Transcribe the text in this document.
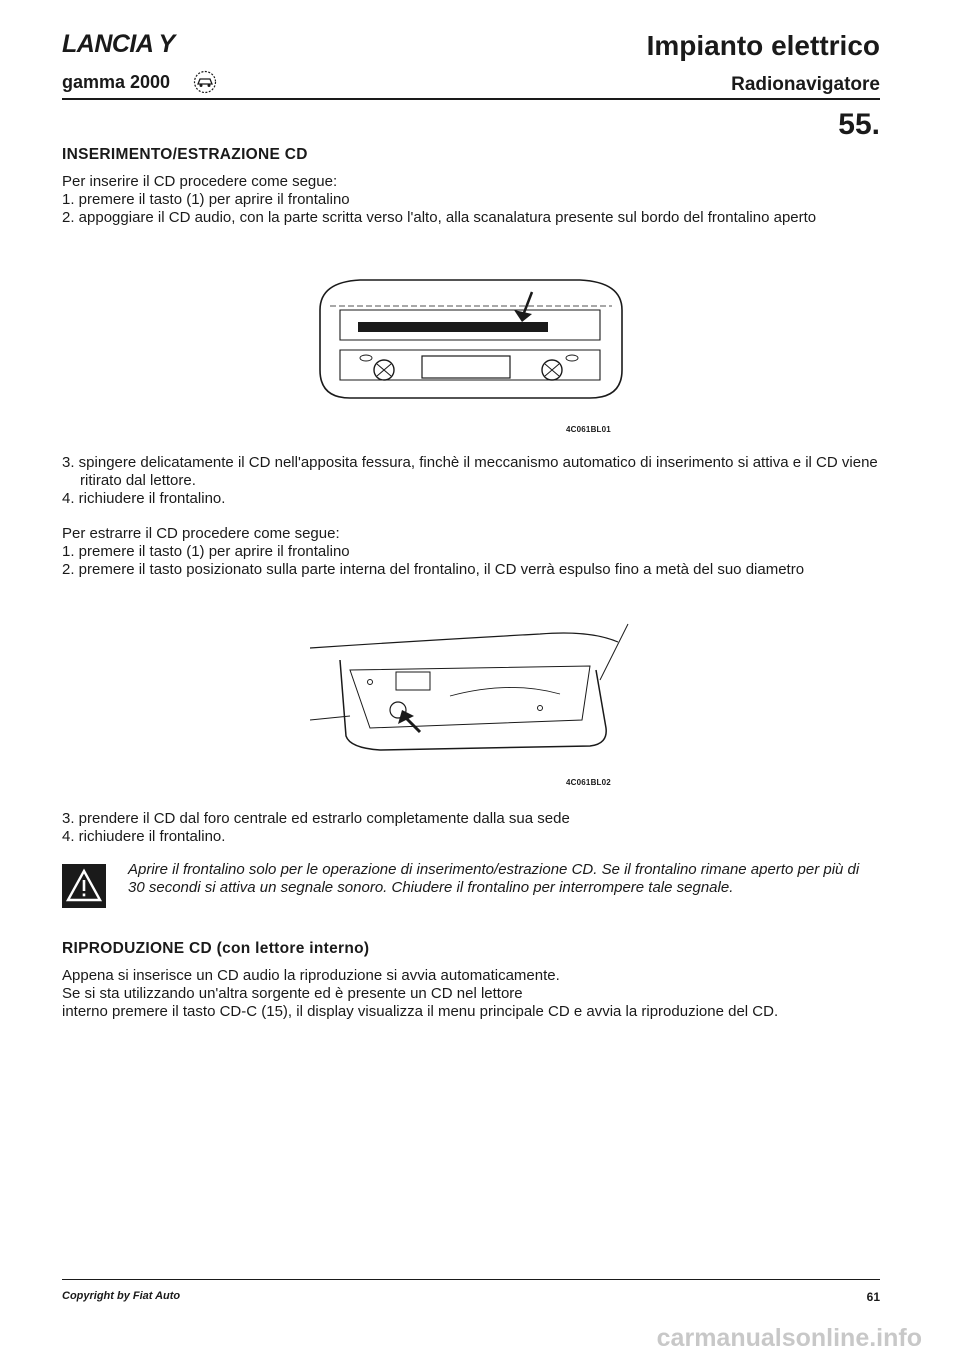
LANCIA Y
gamma 2000
Impianto elettrico
Radionavigatore
55.
INSERIMENTO/ESTRAZIONE CD
Per inserire il CD procedere come segue:
1. premere il tasto (1) per aprire il frontalino
2. appoggiare il CD audio, con la parte scritta verso l'alto, alla scanalatura presente sul bordo del frontalino aperto
4C061BL01
3. spingere delicatamente il CD nell'apposita fessura, finchè il meccanismo automatico di inserimento si attiva e il CD viene ritirato dal lettore.
4. richiudere il frontalino.
Per estrarre il CD procedere come segue:
1. premere il tasto (1) per aprire il frontalino
2. premere il tasto posizionato sulla parte interna del frontalino, il CD verrà espulso fino a metà del suo diametro
4C061BL02
3. prendere il CD dal foro centrale ed estrarlo completamente dalla sua sede
4. richiudere il frontalino.
Aprire il frontalino solo per le operazione di inserimento/estrazione CD. Se il frontalino rimane aperto per più di 30 secondi si attiva un segnale sonoro. Chiudere il frontalino per interrompere tale segnale.
RIPRODUZIONE CD (con lettore interno)
Appena si inserisce un CD audio la riproduzione si avvia automaticamente.
Se si sta utilizzando un'altra sorgente ed è presente un CD nel lettore
interno premere il tasto CD-C (15), il display visualizza il menu principale CD e avvia la riproduzione del CD.
Copyright by Fiat Auto	61
carmanualsonline.info
